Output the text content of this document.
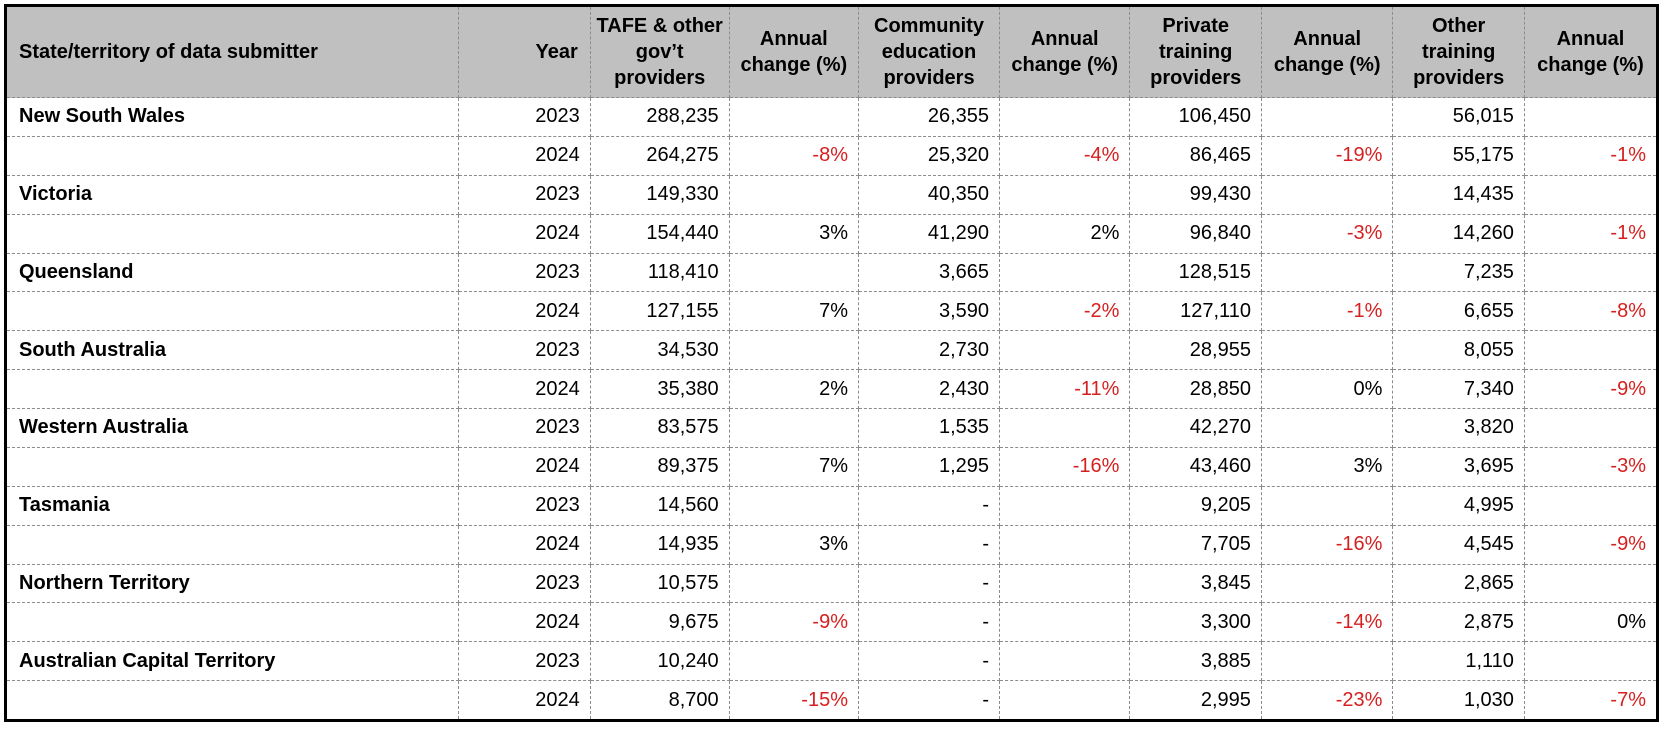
State/territory of data submitter	Year	TAFE & other gov’t providers	Annual change (%)	Community education providers	Annual change (%)	Private training providers	Annual change (%)	Other training providers	Annual change (%)
New South Wales	2023	288,235		26,355		106,450		56,015	
	2024	264,275	-8%	25,320	-4%	86,465	-19%	55,175	-1%
Victoria	2023	149,330		40,350		99,430		14,435	
	2024	154,440	3%	41,290	2%	96,840	-3%	14,260	-1%
Queensland	2023	118,410		3,665		128,515		7,235	
	2024	127,155	7%	3,590	-2%	127,110	-1%	6,655	-8%
South Australia	2023	34,530		2,730		28,955		8,055	
	2024	35,380	2%	2,430	-11%	28,850	0%	7,340	-9%
Western Australia	2023	83,575		1,535		42,270		3,820	
	2024	89,375	7%	1,295	-16%	43,460	3%	3,695	-3%
Tasmania	2023	14,560		-		9,205		4,995	
	2024	14,935	3%	-		7,705	-16%	4,545	-9%
Northern Territory	2023	10,575		-		3,845		2,865	
	2024	9,675	-9%	-		3,300	-14%	2,875	0%
Australian Capital Territory	2023	10,240		-		3,885		1,110	
	2024	8,700	-15%	-		2,995	-23%	1,030	-7%
